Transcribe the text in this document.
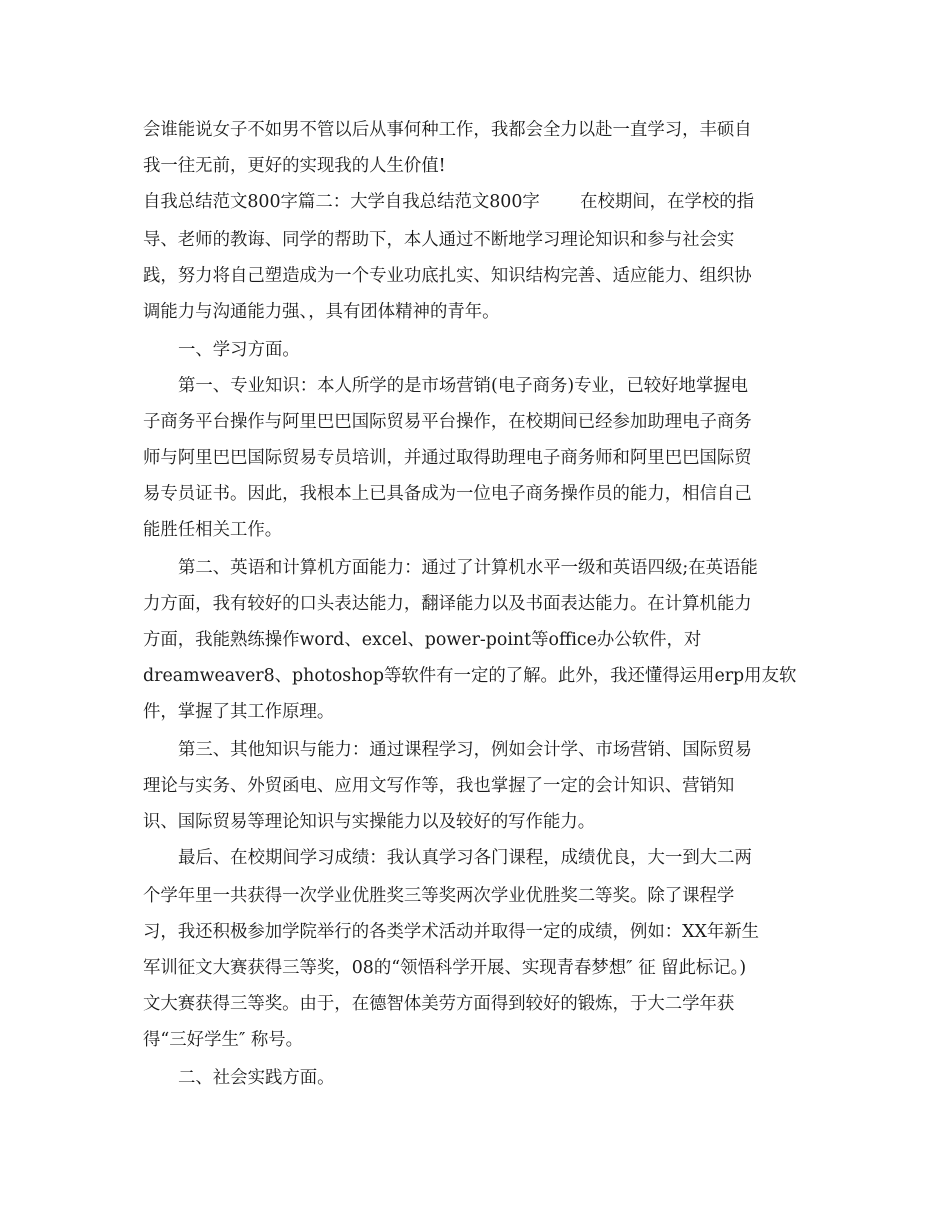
会谁能说女子不如男不管以后从事何种工作，我都会全力以赴一直学习，丰硕自
我一往无前，更好的实现我的人生价值!
自我总结范文800字篇二：大学自我总结范文800字　　 在校期间，在学校的指
导、老师的教诲、同学的帮助下，本人通过不断地学习理论知识和参与社会实
践，努力将自己塑造成为一个专业功底扎实、知识结构完善、适应能力、组织协
调能力与沟通能力强、，具有团体精神的青年。
一、学习方面。
第一、专业知识：本人所学的是市场营销(电子商务)专业，已较好地掌握电
子商务平台操作与阿里巴巴国际贸易平台操作，在校期间已经参加助理电子商务
师与阿里巴巴国际贸易专员培训，并通过取得助理电子商务师和阿里巴巴国际贸
易专员证书。因此，我根本上已具备成为一位电子商务操作员的能力，相信自己
能胜任相关工作。
第二、英语和计算机方面能力：通过了计算机水平一级和英语四级;在英语能
力方面，我有较好的口头表达能力，翻译能力以及书面表达能力。在计算机能力
方面，我能熟练操作word、excel、power-point等office办公软件，对
dreamweaver8、photoshop等软件有一定的了解。此外，我还懂得运用erp用友软
件，掌握了其工作原理。
第三、其他知识与能力：通过课程学习，例如会计学、市场营销、国际贸易
理论与实务、外贸函电、应用文写作等，我也掌握了一定的会计知识、营销知
识、国际贸易等理论知识与实操能力以及较好的写作能力。
最后、在校期间学习成绩：我认真学习各门课程，成绩优良，大一到大二两
个学年里一共获得一次学业优胜奖三等奖两次学业优胜奖二等奖。除了课程学
习，我还积极参加学院举行的各类学术活动并取得一定的成绩，例如：XX年新生
军训征文大赛获得三等奖，08的“领悟科学开展、实现青春梦想″ 征 留此标记。)
文大赛获得三等奖。由于，在德智体美劳方面得到较好的锻炼，于大二学年获
得“三好学生″ 称号。
二、社会实践方面。
